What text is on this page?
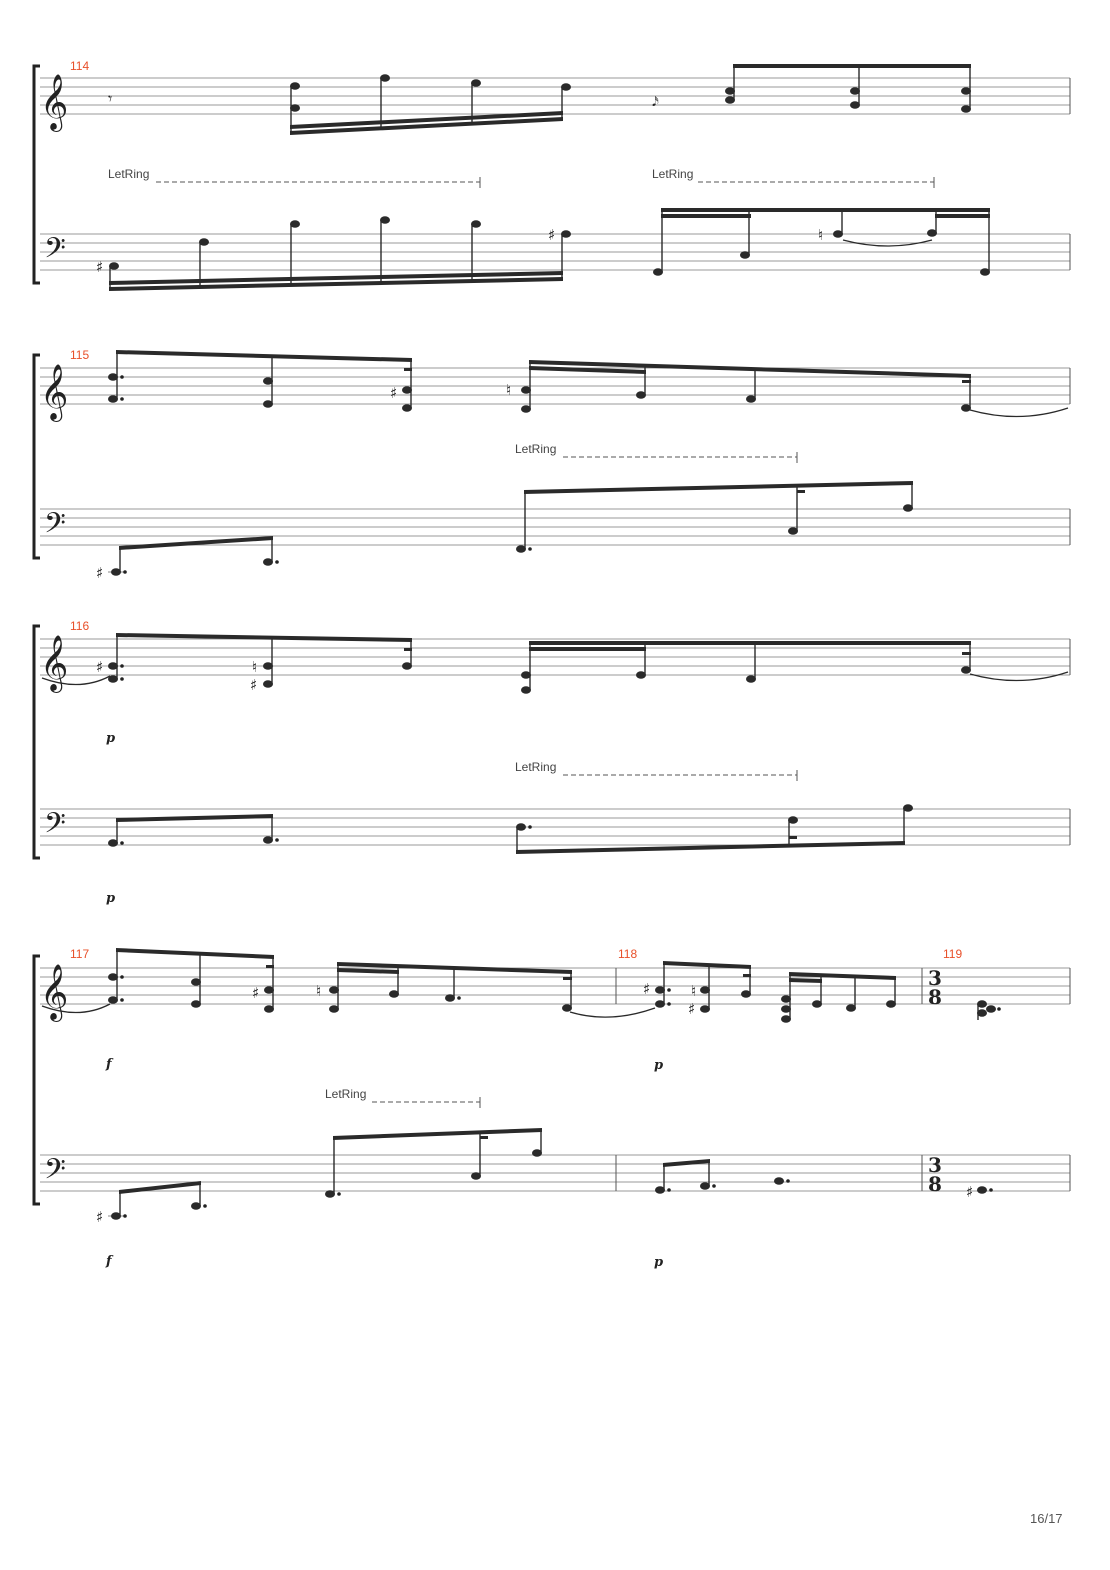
𝄞
114
𝄾	𝅘𝅥𝅯
LetRing	LetRing
𝄢 ♯
♯	♮
𝄞
115
♯	♮
LetRing
𝄢
♯
𝄞
116
♯
♯
♮
p
LetRing
𝄢
p
𝄞
117	118	119
♯	♮	♯
♯
♮
3
8
f	p
LetRing
𝄢
♯
3
8 ♯
f	p
16/17
